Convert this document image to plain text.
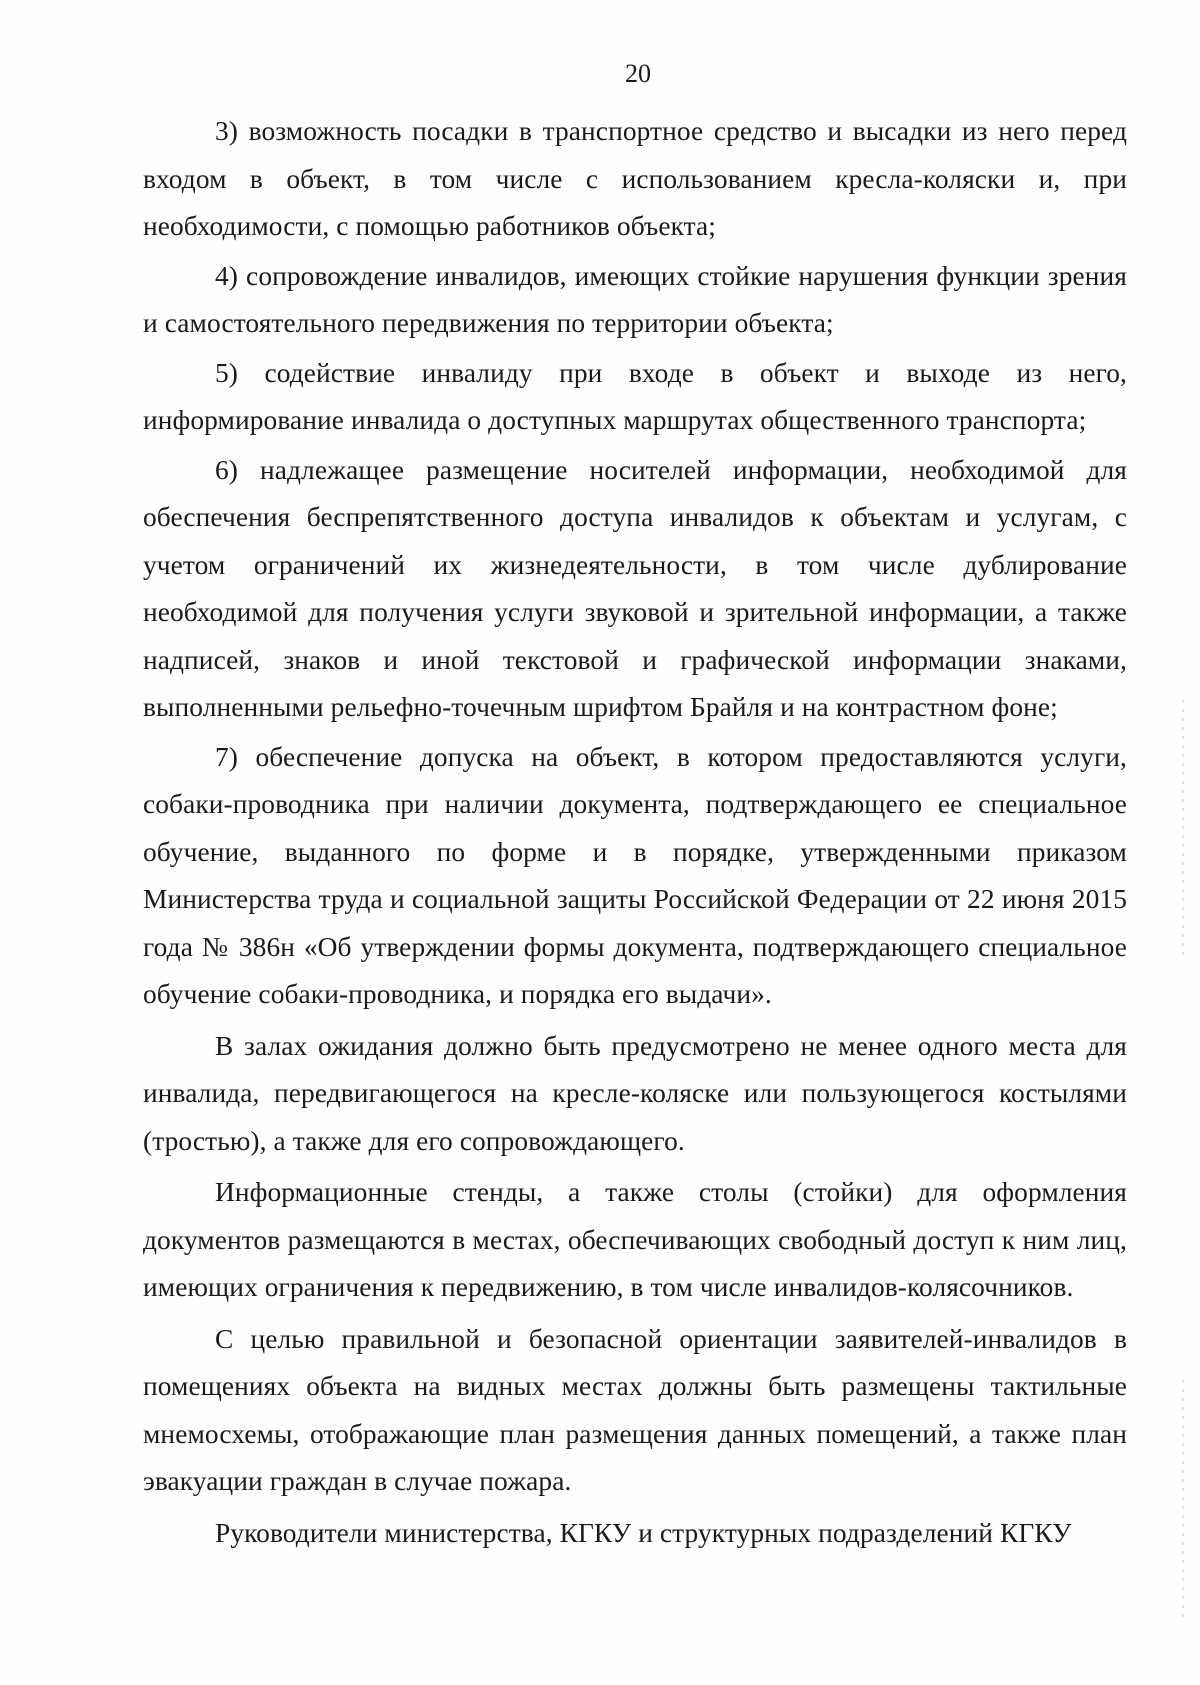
20

3) возможность посадки в транспортное средство и высадки из него перед входом в объект, в том числе с использованием кресла-коляски и, при необходимости, с помощью работников объекта;

4) сопровождение инвалидов, имеющих стойкие нарушения функции зрения и самостоятельного передвижения по территории объекта;

5) содействие инвалиду при входе в объект и выходе из него, информирование инвалида о доступных маршрутах общественного транспорта;

6) надлежащее размещение носителей информации, необходимой для обеспечения беспрепятственного доступа инвалидов к объектам и услугам, с учетом ограничений их жизнедеятельности, в том числе дублирование необходимой для получения услуги звуковой и зрительной информации, а также надписей, знаков и иной текстовой и графической информации знаками, выполненными рельефно-точечным шрифтом Брайля и на контрастном фоне;

7) обеспечение допуска на объект, в котором предоставляются услуги, собаки-проводника при наличии документа, подтверждающего ее специальное обучение, выданного по форме и в порядке, утвержденными приказом Министерства труда и социальной защиты Российской Федерации от 22 июня 2015 года № 386н «Об утверждении формы документа, подтверждающего специальное обучение собаки-проводника, и порядка его выдачи».

В залах ожидания должно быть предусмотрено не менее одного места для инвалида, передвигающегося на кресле-коляске или пользующегося костылями (тростью), а также для его сопровождающего.

Информационные стенды, а также столы (стойки) для оформления документов размещаются в местах, обеспечивающих свободный доступ к ним лиц, имеющих ограничения к передвижению, в том числе инвалидов-колясочников.

С целью правильной и безопасной ориентации заявителей-инвалидов в помещениях объекта на видных местах должны быть размещены тактильные мнемосхемы, отображающие план размещения данных помещений, а также план эвакуации граждан в случае пожара.

Руководители министерства, КГКУ и структурных подразделений КГКУ
